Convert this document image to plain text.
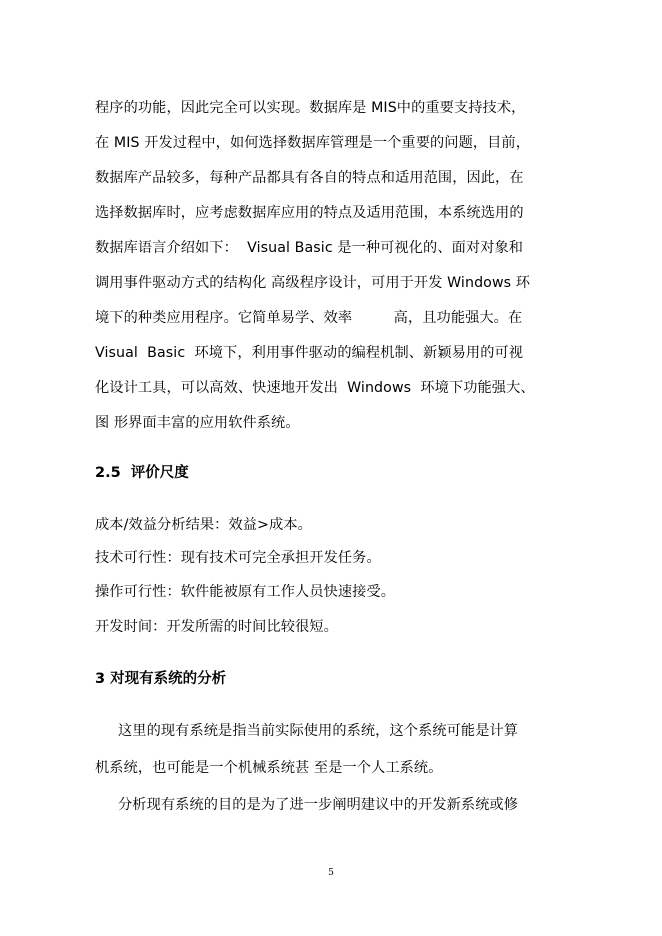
程序的功能，因此完全可以实现。数据库是 MIS中的重要支持技术，
在 MIS 开发过程中，如何选择数据库管理是一个重要的问题，目前，
数据库产品较多，每种产品都具有各自的特点和适用范围，因此，在
选择数据库时，应考虑数据库应用的特点及适用范围，本系统选用的
数据库语言介绍如下：  Visual Basic 是一种可视化的、面对对象和
调用事件驱动方式的结构化 高级程序设计，可用于开发 Windows 环
境下的种类应用程序。它简单易学、效率         高，且功能强大。在
Visual  Basic  环境下，利用事件驱动的编程机制、新颖易用的可视
化设计工具，可以高效、快速地开发出  Windows  环境下功能强大、
图 形界面丰富的应用软件系统。
2.5  评价尺度
成本/效益分析结果：效益>成本。
技术可行性：现有技术可完全承担开发任务。
操作可行性：软件能被原有工作人员快速接受。
开发时间：开发所需的时间比较很短。
3 对现有系统的分析
这里的现有系统是指当前实际使用的系统，这个系统可能是计算
机系统，也可能是一个机械系统甚 至是一个人工系统。
分析现有系统的目的是为了进一步阐明建议中的开发新系统或修
5
